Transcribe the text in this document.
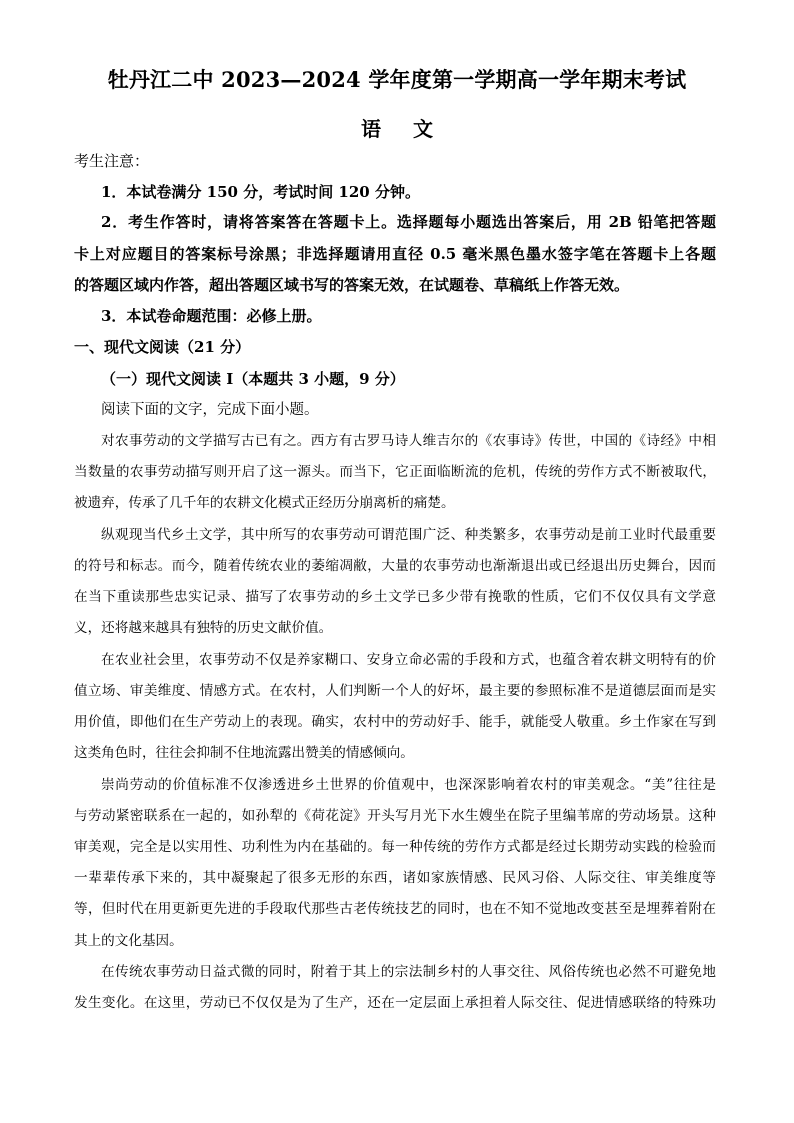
牡丹江二中 2023—2024 学年度第一学期高一学年期末考试
语文
考生注意：
1．本试卷满分 150 分，考试时间 120 分钟。
2．考生作答时，请将答案答在答题卡上。选择题每小题选出答案后，用 2B 铅笔把答题
卡上对应题目的答案标号涂黑；非选择题请用直径 0.5 毫米黑色墨水签字笔在答题卡上各题
的答题区域内作答，超出答题区域书写的答案无效，在试题卷、草稿纸上作答无效。
3．本试卷命题范围：必修上册。
一、现代文阅读（21 分）
（一）现代文阅读 I（本题共 3 小题，9 分）
阅读下面的文字，完成下面小题。
对农事劳动的文学描写古已有之。西方有古罗马诗人维吉尔的《农事诗》传世，中国的《诗经》中相
当数量的农事劳动描写则开启了这一源头。而当下，它正面临断流的危机，传统的劳作方式不断被取代，
被遗弃，传承了几千年的农耕文化模式正经历分崩离析的痛楚。
纵观现当代乡土文学，其中所写的农事劳动可谓范围广泛、种类繁多，农事劳动是前工业时代最重要
的符号和标志。而今，随着传统农业的萎缩凋敝，大量的农事劳动也渐渐退出或已经退出历史舞台，因而
在当下重读那些忠实记录、描写了农事劳动的乡土文学已多少带有挽歌的性质，它们不仅仅具有文学意
义，还将越来越具有独特的历史文献价值。
在农业社会里，农事劳动不仅是养家糊口、安身立命必需的手段和方式，也蕴含着农耕文明特有的价
值立场、审美维度、情感方式。在农村，人们判断一个人的好坏，最主要的参照标准不是道德层面而是实
用价值，即他们在生产劳动上的表现。确实，农村中的劳动好手、能手，就能受人敬重。乡土作家在写到
这类角色时，往往会抑制不住地流露出赞美的情感倾向。
崇尚劳动的价值标准不仅渗透进乡土世界的价值观中，也深深影响着农村的审美观念。“美”往往是
与劳动紧密联系在一起的，如孙犁的《荷花淀》开头写月光下水生嫂坐在院子里编苇席的劳动场景。这种
审美观，完全是以实用性、功利性为内在基础的。每一种传统的劳作方式都是经过长期劳动实践的检验而
一辈辈传承下来的，其中凝聚起了很多无形的东西，诸如家族情感、民风习俗、人际交往、审美维度等
等，但时代在用更新更先进的手段取代那些古老传统技艺的同时，也在不知不觉地改变甚至是埋葬着附在
其上的文化基因。
在传统农事劳动日益式微的同时，附着于其上的宗法制乡村的人事交往、风俗传统也必然不可避免地
发生变化。在这里，劳动已不仅仅是为了生产，还在一定层面上承担着人际交往、促进情感联络的特殊功
